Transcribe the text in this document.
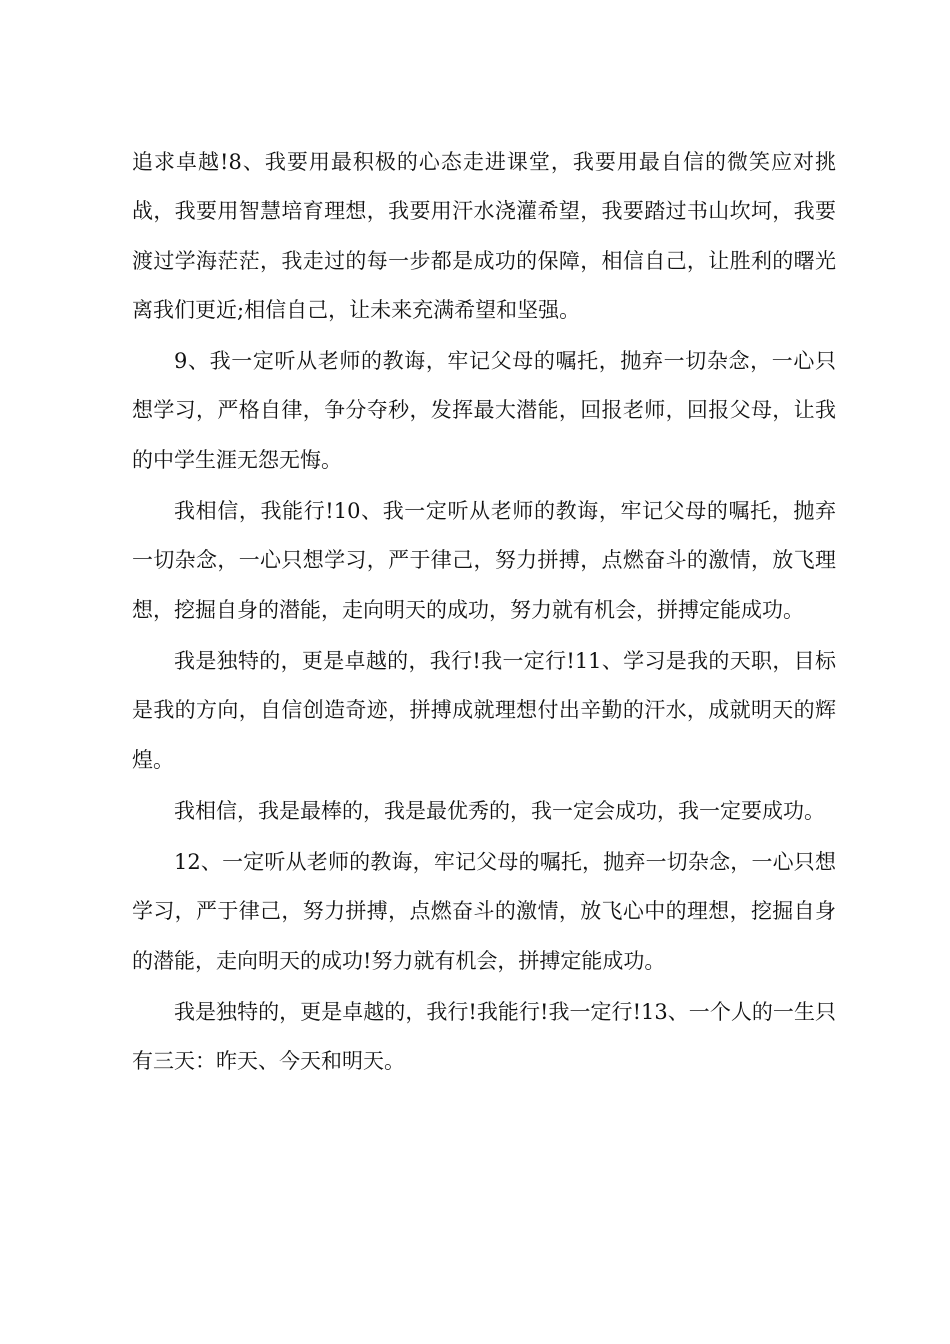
追求卓越!8、我要用最积极的心态走进课堂，我要用最自信的微笑应对挑战，我要用智慧培育理想，我要用汗水浇灌希望，我要踏过书山坎坷，我要渡过学海茫茫，我走过的每一步都是成功的保障，相信自己，让胜利的曙光离我们更近;相信自己，让未来充满希望和坚强。

9、我一定听从老师的教诲，牢记父母的嘱托，抛弃一切杂念，一心只想学习，严格自律，争分夺秒，发挥最大潜能，回报老师，回报父母，让我的中学生涯无怨无悔。

我相信，我能行!10、我一定听从老师的教诲，牢记父母的嘱托，抛弃一切杂念，一心只想学习，严于律己，努力拼搏，点燃奋斗的激情，放飞理想，挖掘自身的潜能，走向明天的成功，努力就有机会，拼搏定能成功。

我是独特的，更是卓越的，我行!我一定行!11、学习是我的天职，目标是我的方向，自信创造奇迹，拼搏成就理想付出辛勤的汗水，成就明天的辉煌。

我相信，我是最棒的，我是最优秀的，我一定会成功，我一定要成功。

12、一定听从老师的教诲，牢记父母的嘱托，抛弃一切杂念，一心只想学习，严于律己，努力拼搏，点燃奋斗的激情，放飞心中的理想，挖掘自身的潜能，走向明天的成功!努力就有机会，拼搏定能成功。

我是独特的，更是卓越的，我行!我能行!我一定行!13、一个人的一生只有三天：昨天、今天和明天。
